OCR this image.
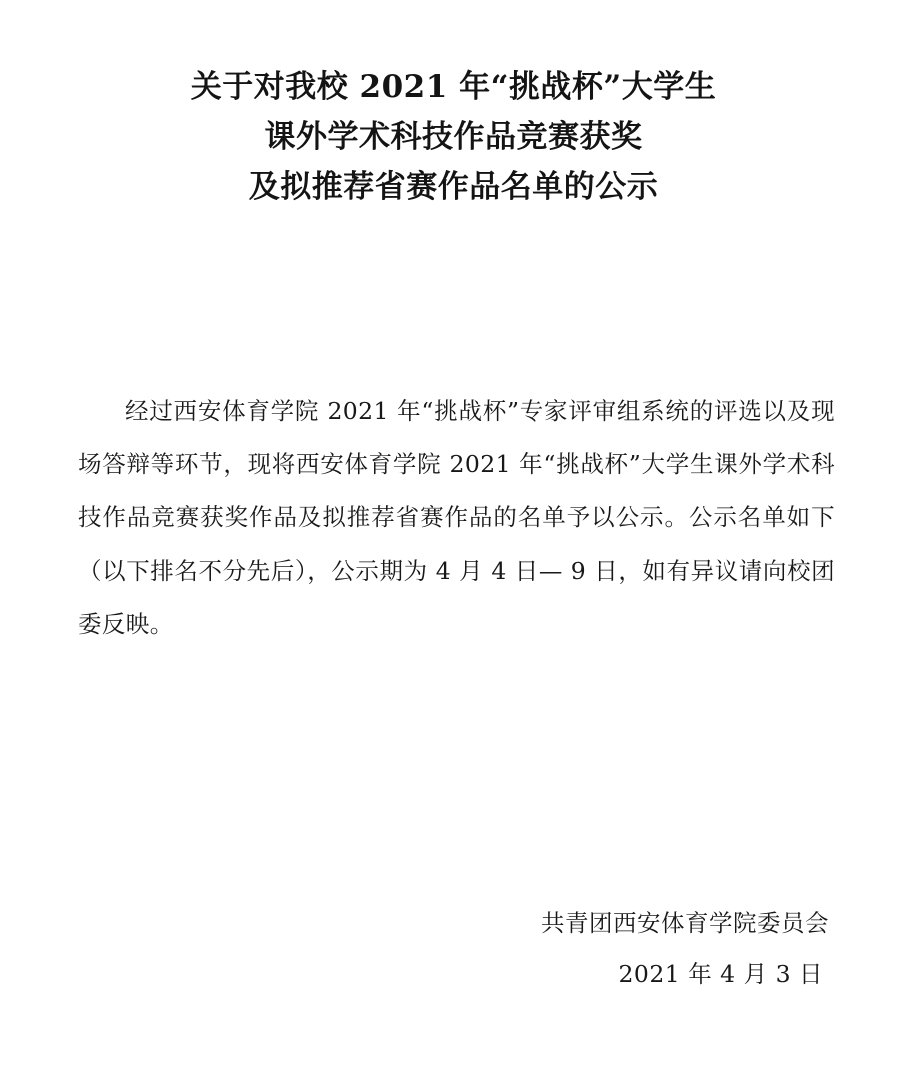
关于对我校 2021 年“挑战杯”大学生
课外学术科技作品竞赛获奖
及拟推荐省赛作品名单的公示

经过西安体育学院 2021 年“挑战杯”专家评审组系统的评选以及现场答辩等环节，现将西安体育学院 2021 年“挑战杯”大学生课外学术科技作品竞赛获奖作品及拟推荐省赛作品的名单予以公示。公示名单如下（以下排名不分先后），公示期为 4 月 4 日— 9 日，如有异议请向校团委反映。

共青团西安体育学院委员会
2021 年 4 月 3 日
